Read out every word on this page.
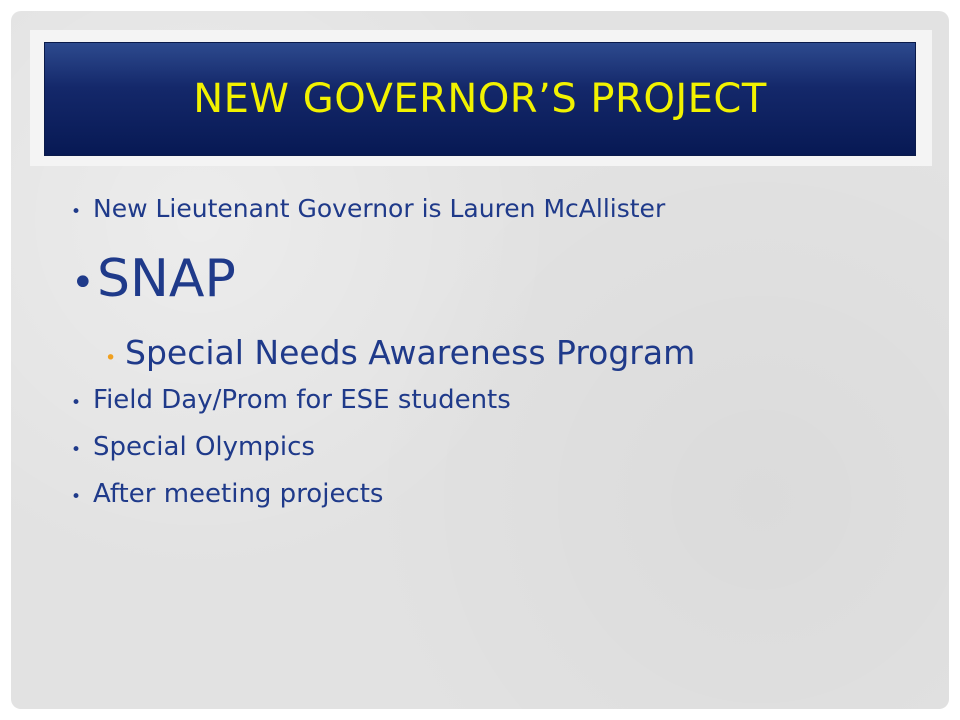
NEW GOVERNOR’S PROJECT
• New Lieutenant Governor is Lauren McAllister
• SNAP
• Special Needs Awareness Program
• Field Day/Prom for ESE students
• Special Olympics
• After meeting projects
